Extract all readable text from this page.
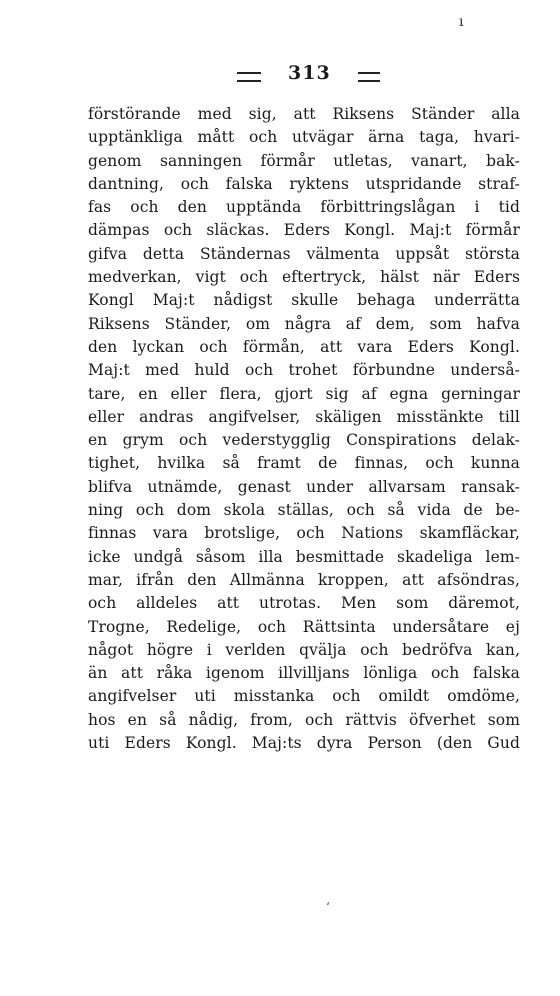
ı
313
förstörande med sig, att Riksens Ständer alla
upptänkliga mått och utvägar ärna taga, hvari-
genom sanningen förmår utletas, vanart, bak-
dantning, och falska ryktens utspridande straf-
fas och den upptända förbittringslågan i tid
dämpas och släckas. Eders Kongl. Maj:t förmår
gifva detta Ständernas välmenta uppsåt största
medverkan, vigt och eftertryck, hälst när Eders
Kongl Maj:t nådigst skulle behaga underrätta
Riksens Ständer, om några af dem, som hafva
den lyckan och förmån, att vara Eders Kongl.
Maj:t med huld och trohet förbundne underså-
tare, en eller flera, gjort sig af egna gerningar
eller andras angifvelser, skäligen misstänkte till
en grym och vederstygglig Conspirations delak-
tighet, hvilka så framt de finnas, och kunna
blifva utnämde, genast under allvarsam ransak-
ning och dom skola ställas, och så vida de be-
finnas vara brotslige, och Nations skamfläckar,
icke undgå såsom illa besmittade skadeliga lem-
mar, ifrån den Allmänna kroppen, att afsöndras,
och alldeles att utrotas. Men som däremot,
Trogne, Redelige, och Rättsinta undersåtare ej
något högre i verlden qvälja och bedröfva kan,
än att råka igenom illvilljans lönliga och falska
angifvelser uti misstanka och omildt omdöme,
hos en så nådig, from, och rättvis öfverhet som
uti Eders Kongl. Maj:ts dyra Person (den Gud
‘
